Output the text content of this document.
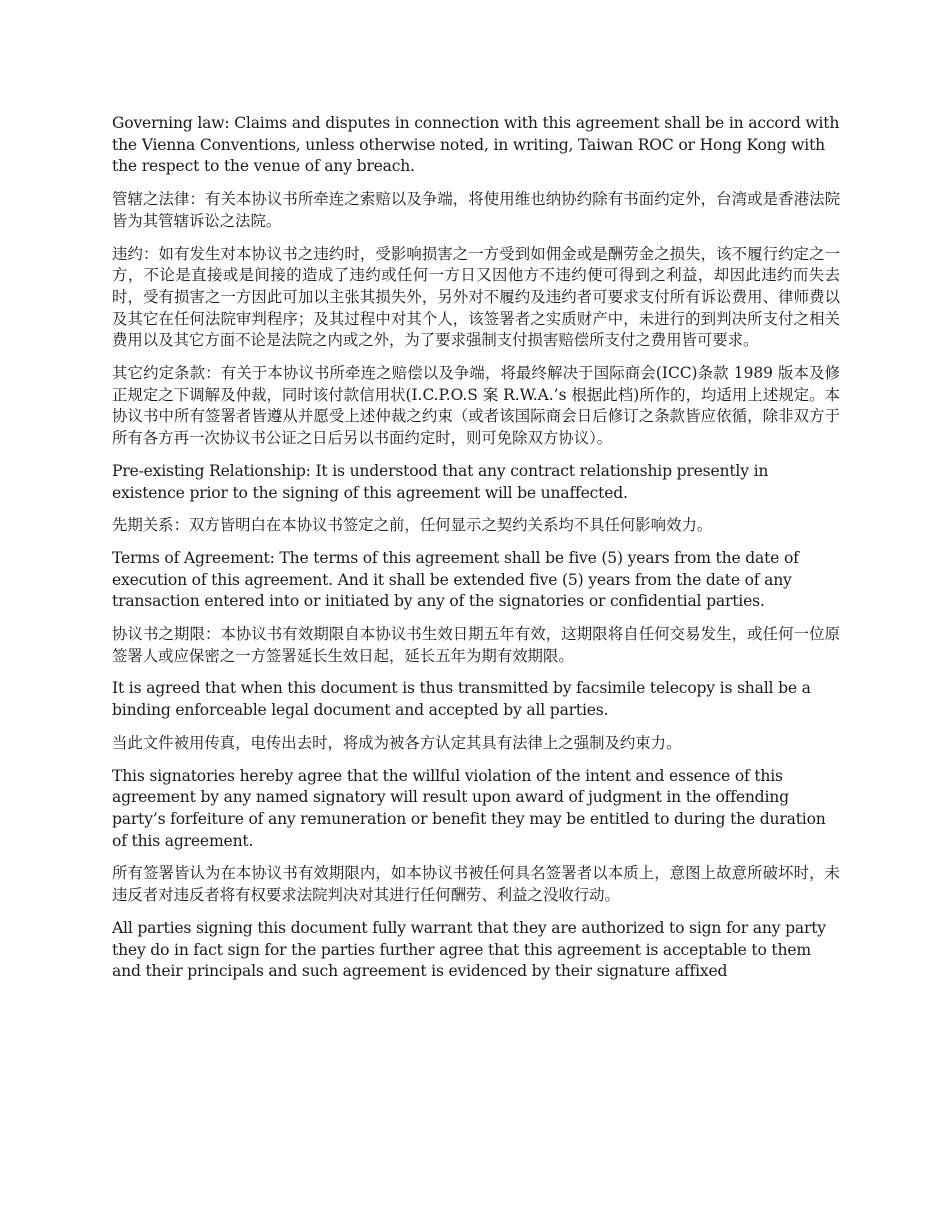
Governing law: Claims and disputes in connection with this agreement shall be in accord with the Vienna Conventions, unless otherwise noted, in writing, Taiwan ROC or Hong Kong with the respect to the venue of any breach.

管辖之法律：有关本协议书所牵连之索赔以及争端，将使用维也纳协约除有书面约定外，台湾或是香港法院皆为其管辖诉讼之法院。

违约：如有发生对本协议书之违约时，受影响损害之一方受到如佣金或是酬劳金之损失，该不履行约定之一方，不论是直接或是间接的造成了违约或任何一方日又因他方不违约便可得到之利益，却因此违约而失去时，受有损害之一方因此可加以主张其损失外，另外对不履约及违约者可要求支付所有诉讼费用、律师费以及其它在任何法院审判程序；及其过程中对其个人，该签署者之实质财产中，未进行的到判决所支付之相关费用以及其它方面不论是法院之内或之外，为了要求强制支付损害赔偿所支付之费用皆可要求。

其它约定条款：有关于本协议书所牵连之赔偿以及争端，将最终解决于国际商会(ICC)条款 1989 版本及修正规定之下调解及仲裁，同时该付款信用状(I.C.P.O.S 案 R.W.A.’s 根据此档)所作的，均适用上述规定。本协议书中所有签署者皆遵从并愿受上述仲裁之约束（或者该国际商会日后修订之条款皆应依循，除非双方于所有各方再一次协议书公证之日后另以书面约定时，则可免除双方协议）。

Pre-existing Relationship: It is understood that any contract relationship presently in existence prior to the signing of this agreement will be unaffected.

先期关系：双方皆明白在本协议书签定之前，任何显示之契约关系均不具任何影响效力。

Terms of Agreement: The terms of this agreement shall be five (5) years from the date of execution of this agreement. And it shall be extended five (5) years from the date of any transaction entered into or initiated by any of the signatories or confidential parties.

协议书之期限：本协议书有效期限自本协议书生效日期五年有效，这期限将自任何交易发生，或任何一位原签署人或应保密之一方签署延长生效日起，延长五年为期有效期限。

It is agreed that when this document is thus transmitted by facsimile telecopy is shall be a binding enforceable legal document and accepted by all parties.

当此文件被用传真，电传出去时，将成为被各方认定其具有法律上之强制及约束力。

This signatories hereby agree that the willful violation of the intent and essence of this agreement by any named signatory will result upon award of judgment in the offending party’s forfeiture of any remuneration or benefit they may be entitled to during the duration of this agreement.

所有签署皆认为在本协议书有效期限内，如本协议书被任何具名签署者以本质上，意图上故意所破坏时，未违反者对违反者将有权要求法院判决对其进行任何酬劳、利益之没收行动。

All parties signing this document fully warrant that they are authorized to sign for any party they do in fact sign for the parties further agree that this agreement is acceptable to them and their principals and such agreement is evidenced by their signature affixed
